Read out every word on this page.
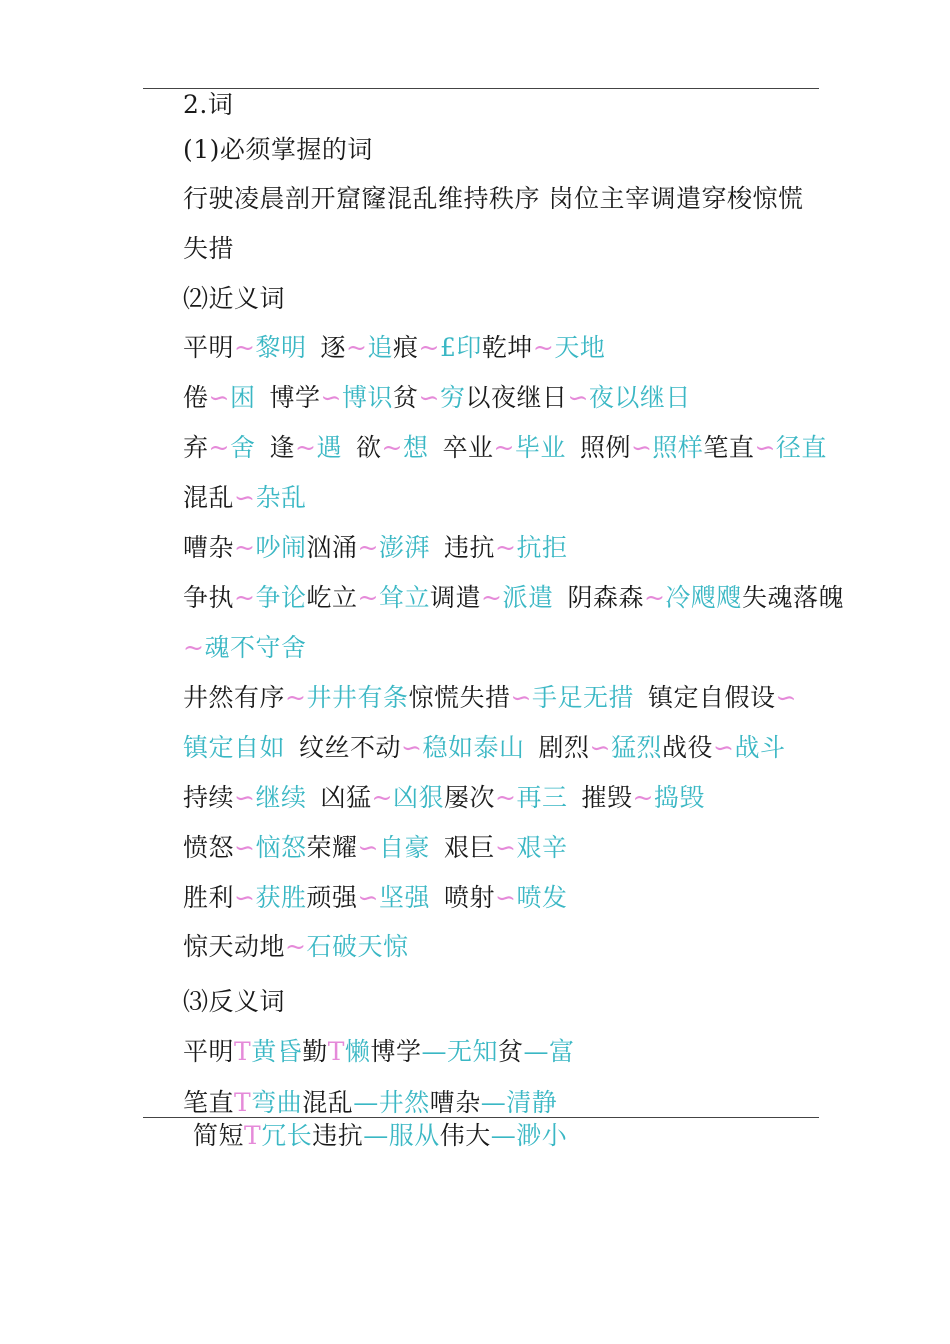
2.词
(1)必须掌握的词
行驶凌晨剖开窟窿混乱维持秩序 岗位主宰调遣穿梭惊慌
失措
⑵近义词
平明~黎明 逐~追痕~£印乾坤~天地
倦∽困 博学∽博识贫∽穷以夜继日∽夜以继日
弃~舍 逢~遇 欲~想 卒业~毕业 照例∽照样笔直∽径直
混乱∽杂乱
嘈杂~吵闹汹涌~澎湃 违抗~抗拒
争执~争论屹立~耸立调遣~派遣 阴森森~冷飕飕失魂落魄
~魂不守舍
井然有序~井井有条惊慌失措∽手足无措 镇定自假设∽
镇定自如 纹丝不动∽稳如泰山 剧烈∽猛烈战役∽战斗
持续∽继续 凶猛~凶狠屡次~再三 摧毁~捣毁
愤怒∽恼怒荣耀∽自豪 艰巨∽艰辛
胜利∽获胜顽强∽坚强 喷射∽喷发
惊天动地~石破天惊
⑶反义词
平明T黄昏勤T懒博学—无知贫—富
笔直T弯曲混乱—井然嘈杂—清静
简短T冗长违抗—服从伟大—渺小
